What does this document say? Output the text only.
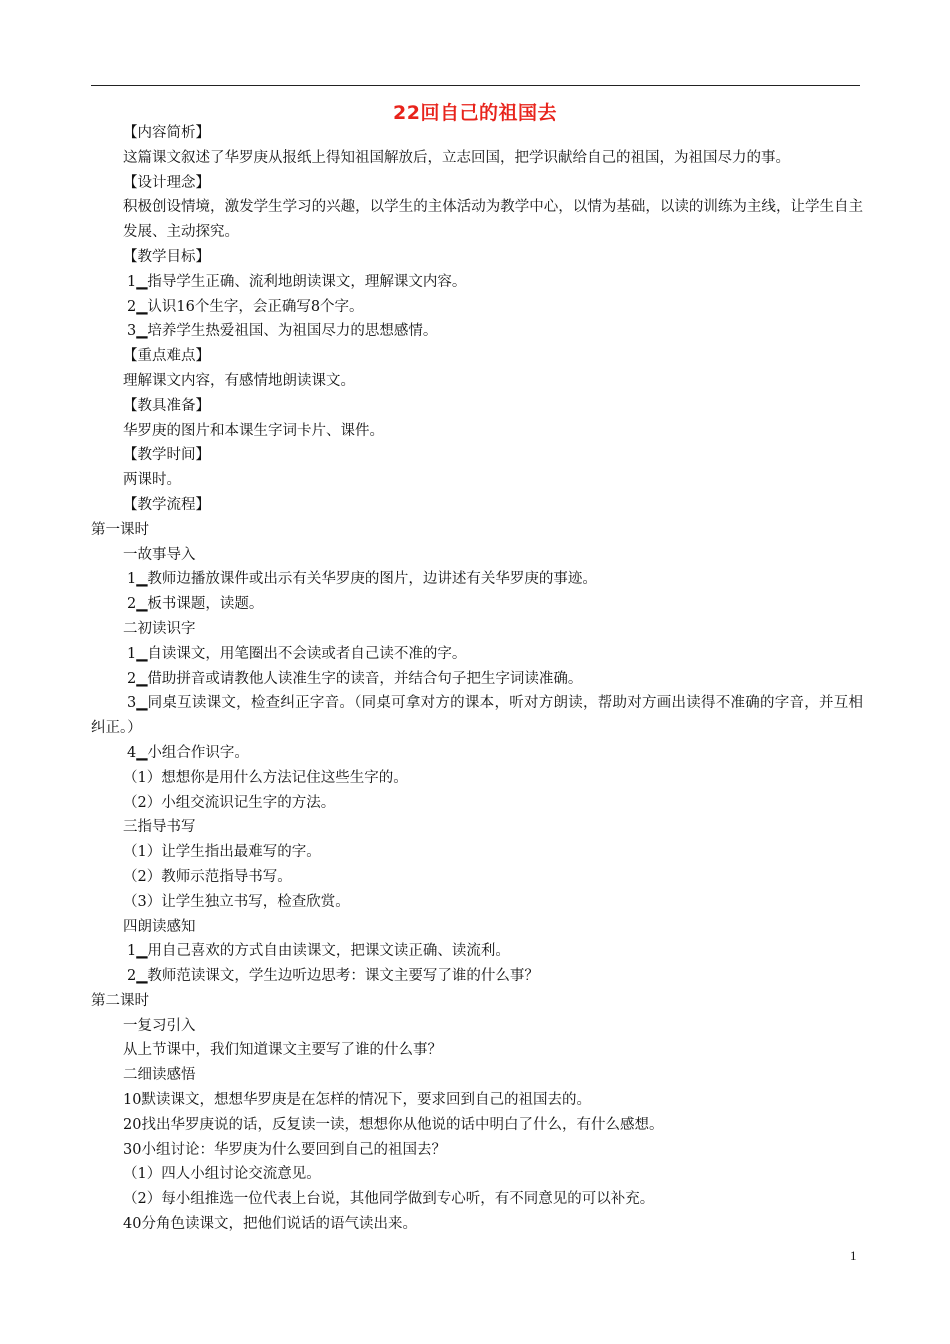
22回自己的祖国去
【内容简析】
这篇课文叙述了华罗庚从报纸上得知祖国解放后，立志回国，把学识献给自己的祖国，为祖国尽力的事。
【设计理念】
积极创设情境，激发学生学习的兴趣，以学生的主体活动为教学中心，以情为基础，以读的训练为主线，让学生自主发展、主动探究。
【教学目标】
1▁指导学生正确、流利地朗读课文，理解课文内容。
2▁认识16个生字，会正确写8个字。
3▁培养学生热爱祖国、为祖国尽力的思想感情。
【重点难点】
理解课文内容，有感情地朗读课文。
【教具准备】
华罗庚的图片和本课生字词卡片、课件。
【教学时间】
两课时。
【教学流程】
第一课时
一故事导入
1▁教师边播放课件或出示有关华罗庚的图片，边讲述有关华罗庚的事迹。
2▁板书课题，读题。
二初读识字
1▁自读课文，用笔圈出不会读或者自己读不准的字。
2▁借助拼音或请教他人读准生字的读音，并结合句子把生字词读准确。
3▁同桌互读课文，检查纠正字音。（同桌可拿对方的课本，听对方朗读，帮助对方画出读得不准确的字音，并互相纠正。）
4▁小组合作识字。
（1）想想你是用什么方法记住这些生字的。
（2）小组交流识记生字的方法。
三指导书写
（1）让学生指出最难写的字。
（2）教师示范指导书写。
（3）让学生独立书写，检查欣赏。
四朗读感知
1▁用自己喜欢的方式自由读课文，把课文读正确、读流利。
2▁教师范读课文，学生边听边思考：课文主要写了谁的什么事？
第二课时
一复习引入
从上节课中，我们知道课文主要写了谁的什么事？
二细读感悟
10默读课文，想想华罗庚是在怎样的情况下，要求回到自己的祖国去的。
20找出华罗庚说的话，反复读一读，想想你从他说的话中明白了什么，有什么感想。
30小组讨论：华罗庚为什么要回到自己的祖国去？
（1）四人小组讨论交流意见。
（2）每小组推选一位代表上台说，其他同学做到专心听，有不同意见的可以补充。
40分角色读课文，把他们说话的语气读出来。
1
